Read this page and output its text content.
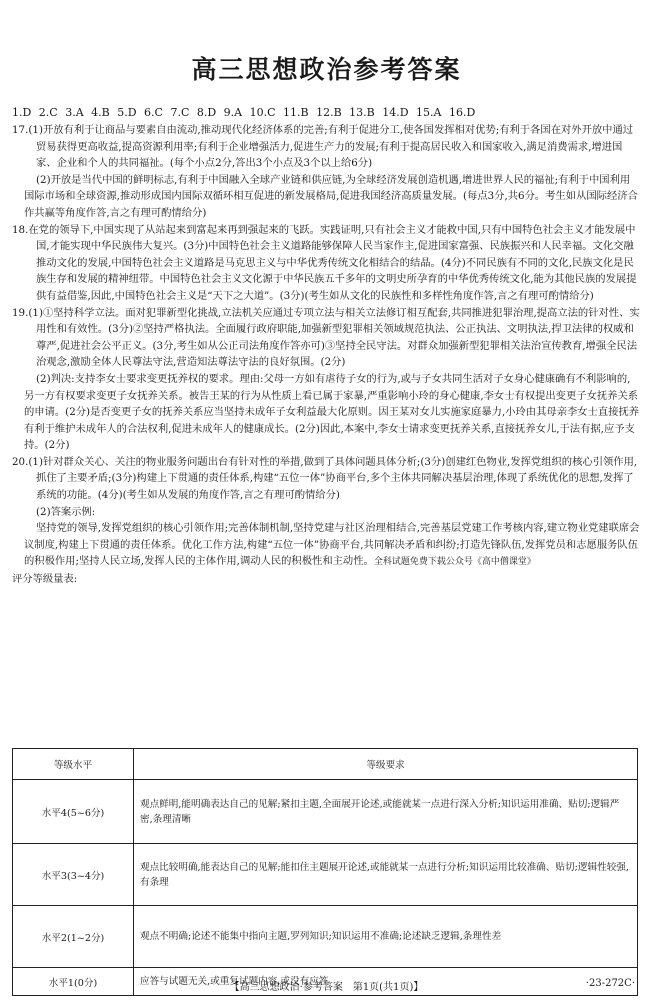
高三思想政治参考答案
1.D 2.C 3.A 4.B 5.D 6.C 7.C 8.D 9.A 10.C 11.B 12.B 13.B 14.D 15.A 16.D

17.(1)开放有利于让商品与要素自由流动,推动现代化经济体系的完善;有利于促进分工,使各国发挥相对优势;有利于各国在对外开放中通过贸易获得更高收益,提高资源利用率;有利于企业增强活力,促进生产力的发展;有利于提高居民收入和国家收入,满足消费需求,增进国家、企业和个人的共同福祉。(每个小点2分,答出3个小点及3个以上给6分)

(2)开放是当代中国的鲜明标志,有利于中国融入全球产业链和供应链,为全球经济发展创造机遇,增进世界人民的福祉;有利于中国利用国际市场和全球资源,推动形成国内国际双循环相互促进的新发展格局,促进我国经济高质量发展。(每点3分,共6分。考生如从国际经济合作共赢等角度作答,言之有理可酌情给分)

18.在党的领导下,中国实现了从站起来到富起来再到强起来的飞跃。实践证明,只有社会主义才能救中国,只有中国特色社会主义才能发展中国,才能实现中华民族伟大复兴。(3分)中国特色社会主义道路能够保障人民当家作主,促进国家富强、民族振兴和人民幸福。文化交融推动文化的发展,中国特色社会主义道路是马克思主义与中华优秀传统文化相结合的结晶。(4分)不同民族有不同的文化,民族文化是民族生存和发展的精神纽带。中国特色社会主义文化源于中华民族五千多年的文明史所孕育的中华优秀传统文化,能为其他民族的发展提供有益借鉴,因此,中国特色社会主义是“天下之大道”。(3分)(考生如从文化的民族性和多样性角度作答,言之有理可酌情给分)

19.(1)①坚持科学立法。面对犯罪新型化挑战,立法机关应通过专项立法与相关立法修订相互配套,共同推进犯罪治理,提高立法的针对性、实用性和有效性。(3分)②坚持严格执法。全面履行政府职能,加强新型犯罪相关领域规范执法、公正执法、文明执法,捍卫法律的权威和尊严,促进社会公平正义。(3分,考生如从公正司法角度作答亦可)③坚持全民守法。对群众加强新型犯罪相关法治宣传教育,增强全民法治观念,激励全体人民尊法守法,营造知法尊法守法的良好氛围。(2分)

(2)判决:支持李女士要求变更抚养权的要求。理由:父母一方如有虐待子女的行为,或与子女共同生活对子女身心健康确有不利影响的,另一方有权要求变更子女抚养关系。被告王某的行为从性质上看已属于家暴,严重影响小玲的身心健康,李女士有权提出变更子女抚养关系的申请。(2分)是否变更子女的抚养关系应当坚持未成年子女利益最大化原则。因王某对女儿实施家庭暴力,小玲由其母亲李女士直接抚养有利于维护未成年人的合法权利,促进未成年人的健康成长。(2分)因此,本案中,李女士请求变更抚养关系,直接抚养女儿,于法有据,应予支持。(2分)

20.(1)针对群众关心、关注的物业服务问题出台有针对性的举措,做到了具体问题具体分析;(3分)创建红色物业,发挥党组织的核心引领作用,抓住了主要矛盾;(3分)构建上下贯通的责任体系,构建“五位一体”协商平台,多个主体共同解决基层治理,体现了系统优化的思想,发挥了系统的功能。(4分)(考生如从发展的角度作答,言之有理可酌情给分)

(2)答案示例:

坚持党的领导,发挥党组织的核心引领作用;完善体制机制,坚持党建与社区治理相结合,完善基层党建工作考核内容,建立物业党建联席会议制度,构建上下贯通的责任体系。优化工作方法,构建“五位一体”协商平台,共同解决矛盾和纠纷;打造先锋队伍,发挥党员和志愿服务队伍的积极作用;坚持人民立场,发挥人民的主体作用,调动人民的积极性和主动性。全科试题免费下载公众号《高中僧课堂》

评分等级量表:

等级水平	等级要求
水平4(5~6分)	观点鲜明,能明确表达自己的见解;紧扣主题,全面展开论述,或能就某一点进行深入分析;知识运用准确、贴切;逻辑严密,条理清晰
水平3(3~4分)	观点比较明确,能表达自己的见解;能扣住主题展开论述,或能就某一点进行分析;知识运用比较准确、贴切;逻辑性较强,有条理
水平2(1~2分)	观点不明确;论述不能集中指向主题,罗列知识;知识运用不准确;论述缺乏逻辑,条理性差
水平1(0分)	应答与试题无关,或重复试题内容,或没有应答
【高三思想政治·参考答案　第1页(共1页)】	·23-272C·
